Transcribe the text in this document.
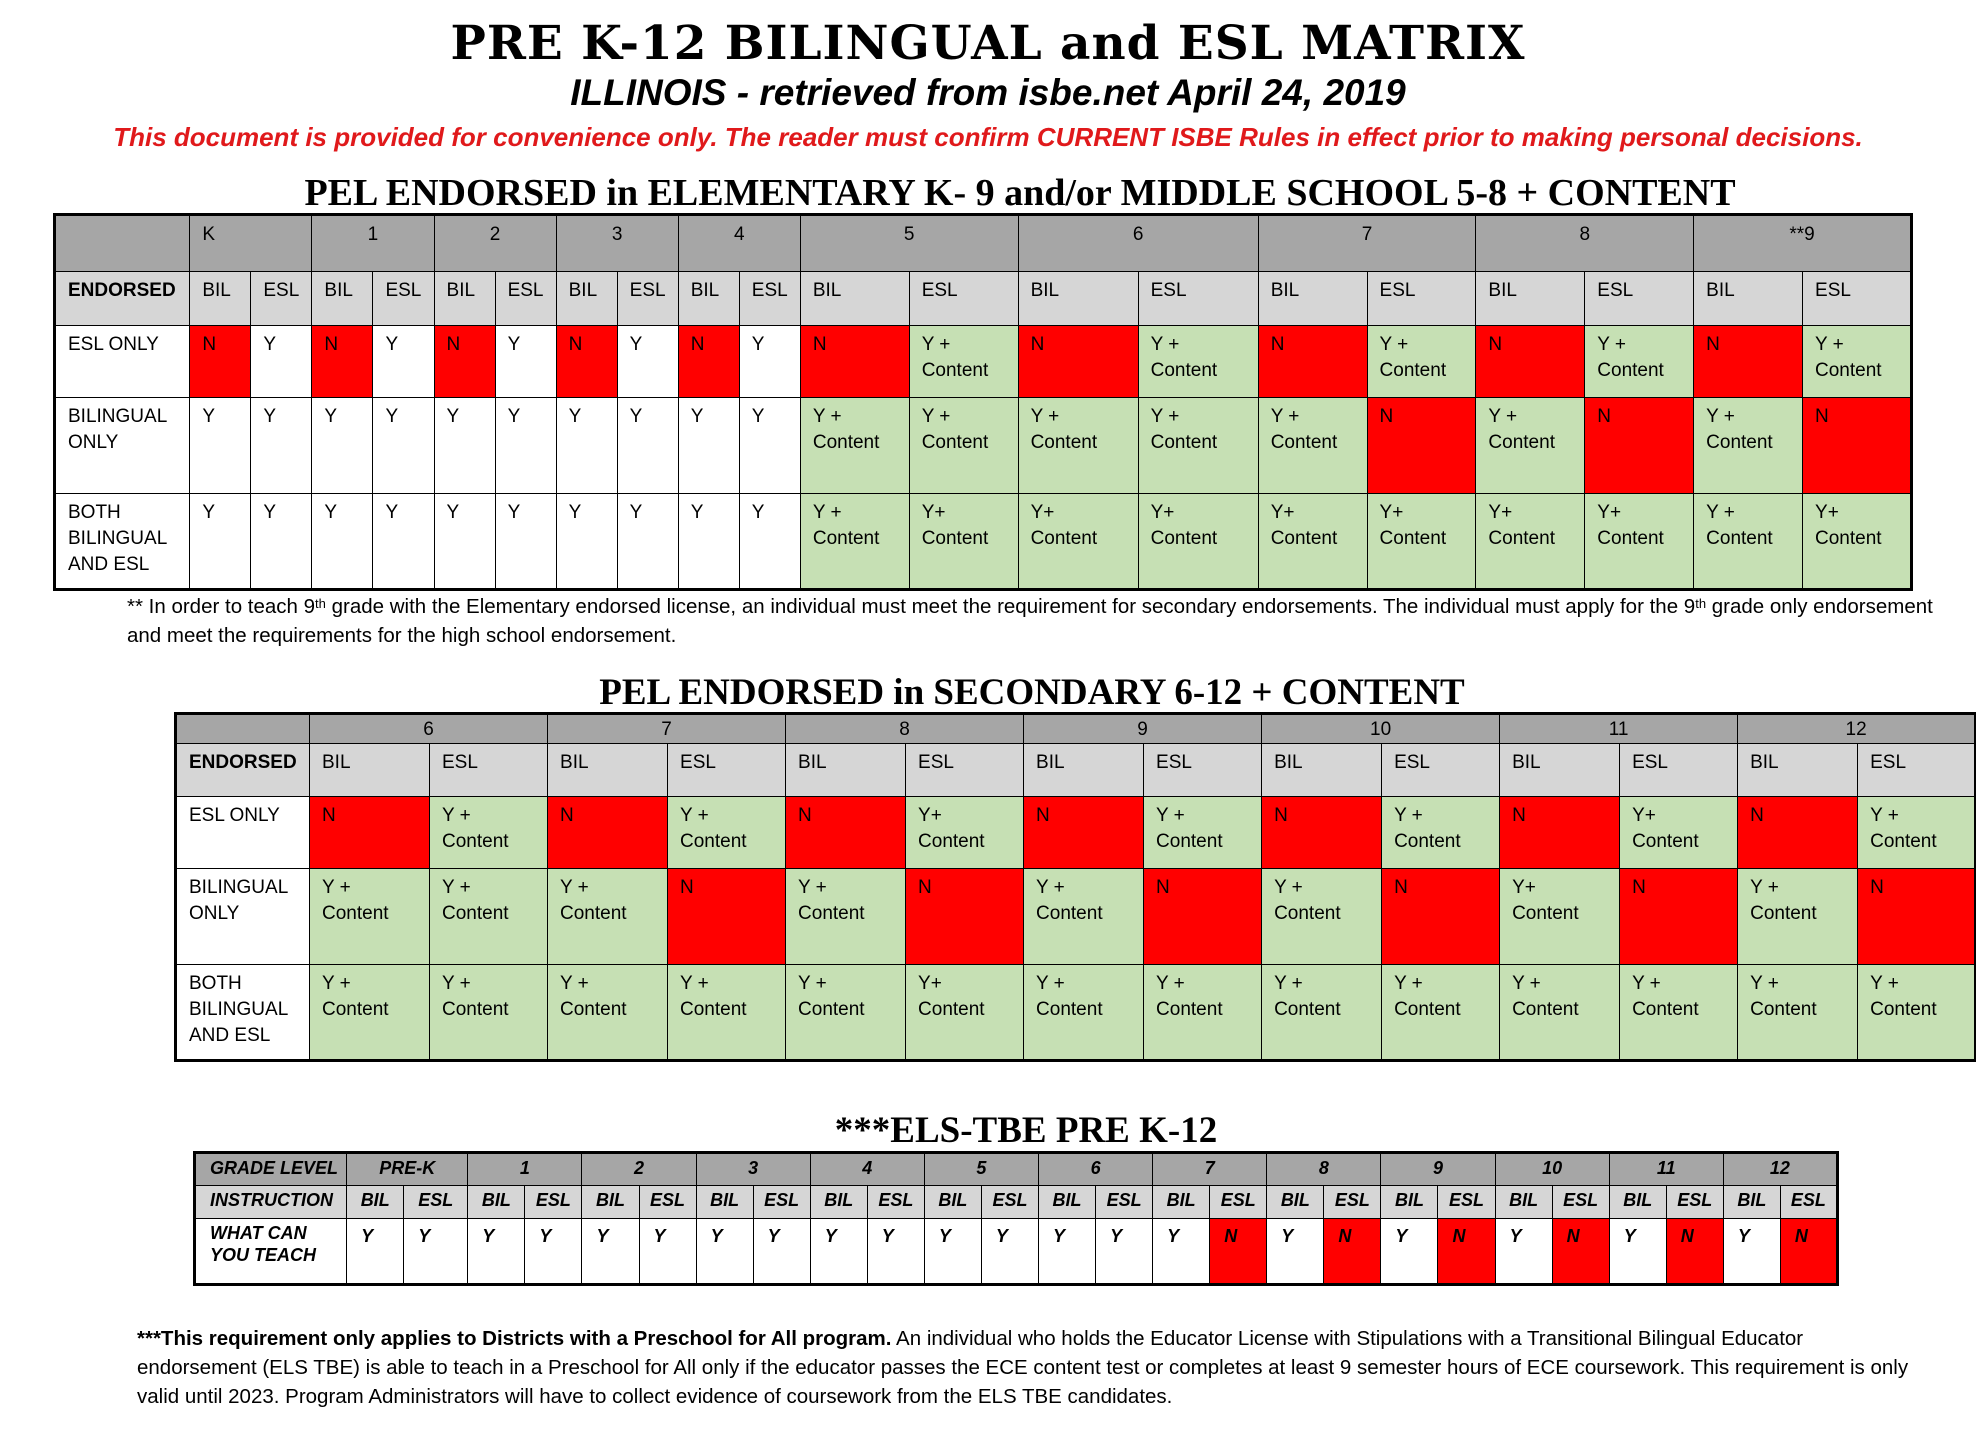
PRE K-12 BILINGUAL and ESL MATRIX
ILLINOIS - retrieved from isbe.net April 24, 2019
This document is provided for convenience only. The reader must confirm CURRENT ISBE Rules in effect prior to making personal decisions.
PEL ENDORSED in ELEMENTARY K- 9 and/or MIDDLE SCHOOL 5-8 + CONTENT

	K		1		2		3		4		5		6		7		8		**9	

ENDORSED	BIL	ESL	BIL	ESL	BIL	ESL	BIL	ESL	BIL	ESL	BIL	ESL	BIL	ESL	BIL	ESL	BIL	ESL	BIL	ESL

ESL ONLY	N	Y	N	Y	N	Y	N	Y	N	Y	N	Y +
Content	N	Y +
Content	N	Y +
Content	N	Y +
Content	N	Y +
Content

BILINGUAL
ONLY	Y	Y	Y	Y	Y	Y	Y	Y	Y	Y	Y +
Content	Y +
Content	Y +
Content	Y +
Content	Y +
Content	N	Y +
Content	N	Y +
Content	N

BOTH
BILINGUAL
AND ESL	Y	Y	Y	Y	Y	Y	Y	Y	Y	Y	Y +
Content	Y+
Content	Y+
Content	Y+
Content	Y+
Content	Y+
Content	Y+
Content	Y+
Content	Y +
Content	Y+
Content
** In order to teach 9th grade with the Elementary endorsed license, an individual must meet the requirement for secondary endorsements. The individual must apply for the 9th grade only endorsement and meet the requirements for the high school endorsement.
PEL ENDORSED in SECONDARY 6-12 + CONTENT

	6		7		8		9		10		11		12	

ENDORSED	BIL	ESL	BIL	ESL	BIL	ESL	BIL	ESL	BIL	ESL	BIL	ESL	BIL	ESL

ESL ONLY	N	Y +
Content	N	Y +
Content	N	Y+
Content	N	Y +
Content	N	Y +
Content	N	Y+
Content	N	Y +
Content

BILINGUAL
ONLY	Y +
Content	Y +
Content	Y +
Content	N	Y +
Content	N	Y +
Content	N	Y +
Content	N	Y+
Content	N	Y +
Content	N

BOTH
BILINGUAL
AND ESL	Y +
Content	Y +
Content	Y +
Content	Y +
Content	Y +
Content	Y+
Content	Y +
Content	Y +
Content	Y +
Content	Y +
Content	Y +
Content	Y +
Content	Y +
Content	Y +
Content
***ELS-TBE PRE K-12
GRADE LEVEL	PRE-K		1		2		3		4		5		6		7		8		9		10		11		12	

INSTRUCTION	BIL	ESL	BIL	ESL	BIL	ESL	BIL	ESL	BIL	ESL	BIL	ESL	BIL	ESL	BIL	ESL	BIL	ESL	BIL	ESL	BIL	ESL	BIL	ESL	BIL	ESL

WHAT CAN
YOU TEACH	Y	Y	Y	Y	Y	Y	Y	Y	Y	Y	Y	Y	Y	Y	Y	N	Y	N	Y	N	Y	N	Y	N	Y	N
***This requirement only applies to Districts with a Preschool for All program. An individual who holds the Educator License with Stipulations with a Transitional Bilingual Educator endorsement (ELS TBE) is able to teach in a Preschool for All only if the educator passes the ECE content test or completes at least 9 semester hours of ECE coursework. This requirement is only valid until 2023. Program Administrators will have to collect evidence of coursework from the ELS TBE candidates.
